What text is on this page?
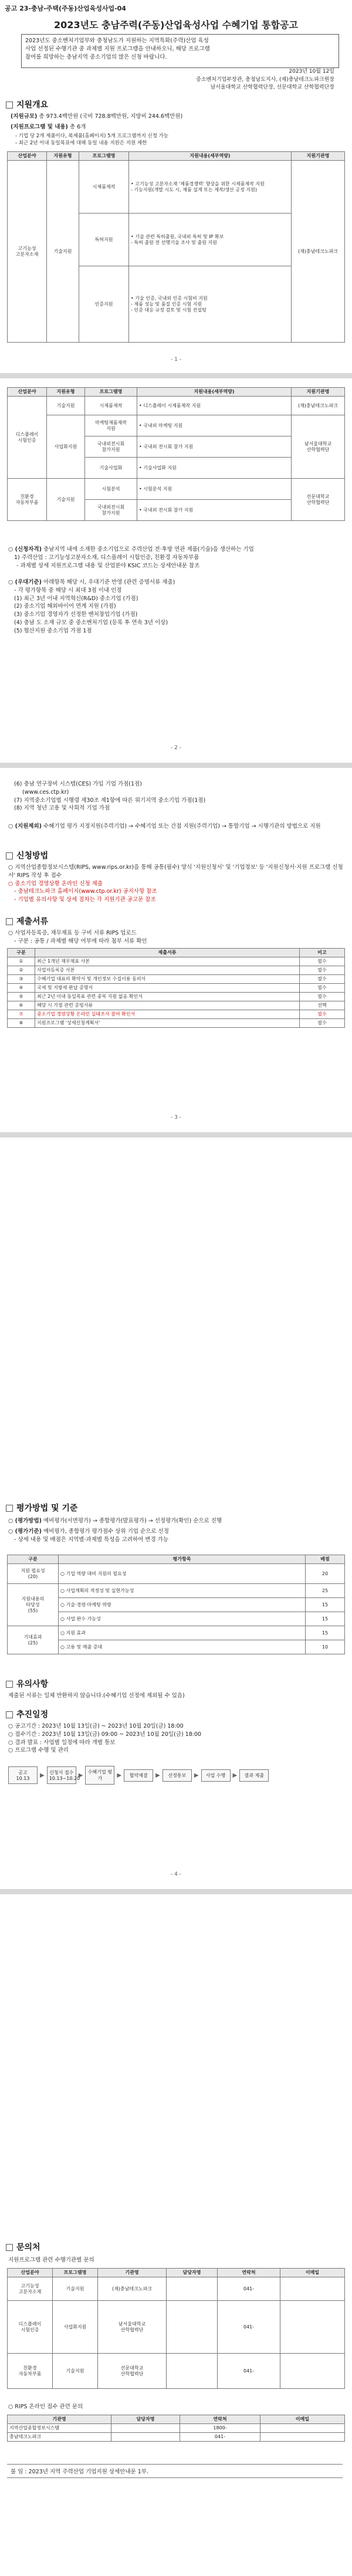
공고 23-충남-주택(주동)산업육성사업-04
2023년도 충남주력(주동)산업육성사업 수혜기업 통합공고

2023년도 중소벤처기업부와 충청남도가 지원하는 지역특화(주력)산업 육성

사업 선정된 수행기관 중 과제별 지원 프로그램을 안내하오니, 해당 프로그램

참여를 희망하는 충남지역 중소기업의 많은 신청 바랍니다.

2023년 10월 12일
중소벤처기업부장관, 충청남도지사, (재)충남테크노파크원장
남서울대학교 산학협력단장, 선문대학교 산학협력단장
지원개요
(지원규모) 총 973.4백만원 (국비 728.8백만원, 지방비 244.6백만원)
(지원프로그램 및 내용) 총 6개

- 기업 당 2개 제품이다, 복제품(홈페이지) 5개 프로그램까지 신청 가능

- 최근 2년 이내 동일목표에 대해 동일 내용 지원은 지원 제한

산업분야	지원유형	프로그램명	지원내용(세부역량)	지원기관명
고기능성
고분자소재	기술지원	시제품제작	• 고기능성 고분자소재 '제품경쟁력' 향상을 위한 시제품제작 지원
- 기능지원(개발 시도 시, 제품 설계 또는 제작/생산 공정 지원)	(재)충남테크노파크
		특허지원	• 기술 관련 특허출원, 국내외 특허 및 IP 확보
- 특허 출원 전 선행기술 조사 및 출원 지원	
		인증지원	• 기술 인증, 국내외 인증 시험비 지원
- 제품 성능 및 품질 인증 시험 지원
- 인증 대응 규정 검토 및 시험 컨설팅	
- 1 -
산업분야	지원유형	프로그램명	지원내용(세부역량)	지원기관명
디스플레이
시험인증	기술지원	시제품제작	• 디스플레이 시제품제작 지원	(재)충남테크노파크
	사업화지원	마케팅제품제작
지원	• 국내외 마케팅 지원	남서울대학교
산학협력단
		국내외전시회
참가지원	• 국내외 전시회 참가 지원	
		기술사업화	• 기술사업화 지원	
친환경
자동차부품	기술지원	시험분석	• 시험분석 지원	선문대학교
산학협력단
		국내외전시회
참가지원	• 국내외 전시회 참가 지원	

○ (신청자격) 충남지역 내에 소재한 중소기업으로 주력산업 전·후방 연관 제품(기술)을 생산하는 기업

1) 주력산업 : 고기능성고분자소재, 디스플레이 시험인증, 친환경 자동차부품

- 과제별 상세 지원프로그램 내용 및 산업분야 KSIC 코드는 상세안내문 참조

○ (우대기준) 아래항목 해당 시, 우대기준 반영 (관련 증명서류 제출)

- 각 평가항목 중 해당 시 최대 3점 이내 인정

(1) 최근 3년 이내 지역혁신(R&D) 중소기업 (가점)

(2) 중소기업 해외바이어 연계 지원 (가점)

(3) 중소기업 경영자가 선정한 벤처창업기업 (가점)

(4) 충남 도 소재 규모 중 중소벤처기업 (등록 후 연속 3년 이상)

(5) 협산지원 중소기업 가점 1점

- 2 -

(6) 충남 연구장비 시스템(CES) 가입 기업 가점(1점)

(www.ces.ctp.kr)

(7) 지역중소기업법 시행령 제30조 제1항에 따른 위기지역 중소기업 가점(1점)

(8) 지역 청년 고용 및 사회적 기업 가점

○ (지원제외) 수혜기업 평가 지정지원(주력기업) → 수혜기업 또는 간접 지원(주력기업) → 통합기업 → 시행기관의 방법으로 지원

신청방법

○ 지역산업종합정보시스템(RIPS, www.rips.or.kr)을 통해 공통(필수) 양식 '지원신청서' 및 '기업정보' 등 '지원신청서·지원 프로그램 신청서' RIPS 작성 후 접수

○ 중소기업 경영상황 온라인 신청 제출

- 충남테크노파크 홈페이지(www.ctp.or.kr) 공지사항 참조

- 기업별 유의사항 및 상세 절차는 각 지원기관 공고문 참조

제출서류

○ 사업자등록증, 재무제표 등 구비 서류 RIPS 업로드

- 구분 : 공통 / 과제별 해당 여부에 따라 첨부 서류 확인

구분	제출서류	비고
①	최근 1개년 재무제표 사본	필수
②	사업자등록증 사본	필수
③	수혜기업 대표의 확약서 및 개인정보 수집이용 동의서	필수
④	국세 및 지방세 완납 증명서	필수
⑤	최근 2년 이내 동일목표 관련 중복 지원 없음 확인서	필수
⑥	해당 시 가점 관련 증빙서류	선택
⑦	중소기업 경영상황 온라인 실태조사 참여 확인서	필수
⑧	지원프로그램 '상세신청계획서'	필수
- 3 -
평가방법 및 기준

○ (평가방법) 예비평가(서면평가) → 종합평가(발표평가) → 선정평가(확인) 순으로 진행

○ (평가기준) 예비평가, 종합평가 평가점수 상위 기업 순으로 선정

- 상세 내용 및 배점은 지역별·과제별 특성을 고려하여 변경 가능

구분	평가항목	배점
지원 필요성
(20)	○ 기업 역량 대비 지원의 필요성	20
지원내용의
타당성
(55)	○ 사업계획의 적정성 및 실현가능성	25
	○ 기술·경영·마케팅 역량	15
	○ 사업 완수 가능성	15
기대효과
(25)	○ 지원 효과	15
	○ 고용 및 매출 증대	10
유의사항

제출된 서류는 일체 반환하지 않습니다.(수혜기업 선정에 제외될 수 있음)

추진일정

○ 공고기간 : 2023년 10월 13일(금) ~ 2023년 10월 20일(금) 18:00

○ 접수기간 : 2023년 10월 13일(금) 09:00 ~ 2023년 10월 20일(금) 18:00

○ 결과 발표 : 사업별 일정에 따라 개별 통보

○ 프로그램 수행 및 관리

공고
10.13	▶ 신청서 접수
10.13~10.20
▶ 수혜기업 평가	▶	협약체결	▶	선정통보	▶	사업 수행	▶	결과 제출
- 4 -
문의처

지원프로그램 관련 수행기관별 문의

산업분야	프로그램명	기관명	담당자명	연락처	이메일
고기능성
고분자소재	기술지원	(재)충남테크노파크		041-	
디스플레이
시험인증	사업화지원	남서울대학교
산학협력단		041-	
친환경
자동차부품	기술지원	선문대학교
산학협력단		041-	

○ RIPS 온라인 접수 관련 문의

기관명	담당자명	연락처	이메일
지역산업종합정보시스템		1800-	
충남테크노파크		041-	
불 임 : 2023년 지역 주력산업 기업지원 상세안내문 1부.
